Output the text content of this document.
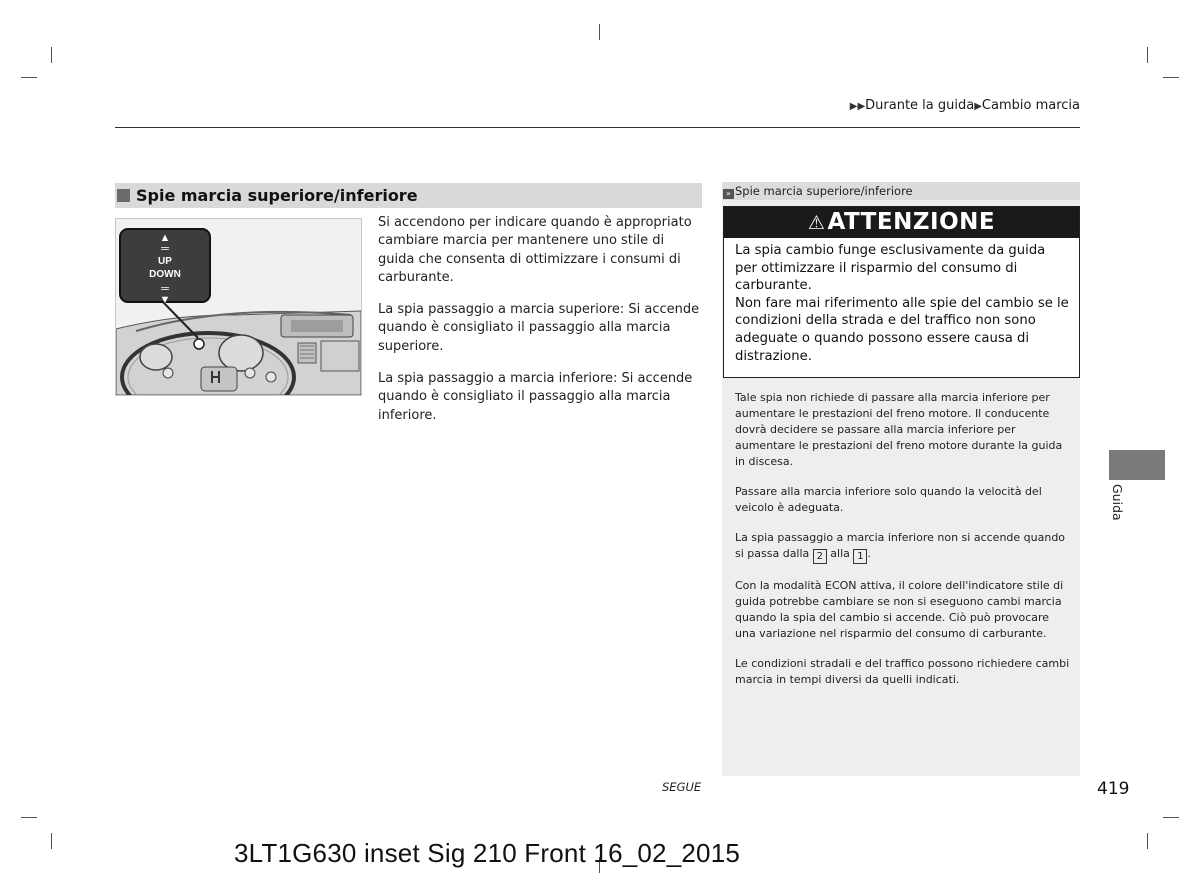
▶▶Durante la guida▶Cambio marcia
Spie marcia superiore/inferiore
▲
═
UP
DOWN
═
▼

Si accendono per indicare quando è appropriato cambiare marcia per mantenere uno stile di guida che consenta di ottimizzare i consumi di carburante.

La spia passaggio a marcia superiore: Si accende quando è consigliato il passaggio alla marcia superiore.

La spia passaggio a marcia inferiore: Si accende quando è consigliato il passaggio alla marcia inferiore.

» Spie marcia superiore/inferiore
⚠ATTENZIONE
La spia cambio funge esclusivamente da guida per ottimizzare il risparmio del consumo di carburante.
Non fare mai riferimento alle spie del cambio se le condizioni della strada e del traffico non sono adeguate o quando possono essere causa di distrazione.

Tale spia non richiede di passare alla marcia inferiore per aumentare le prestazioni del freno motore. Il conducente dovrà decidere se passare alla marcia inferiore per aumentare le prestazioni del freno motore durante la guida in discesa.

Passare alla marcia inferiore solo quando la velocità del veicolo è adeguata.

La spia passaggio a marcia inferiore non si accende quando si passa dalla 2 alla 1 .

Con la modalità ECON attiva, il colore dell'indicatore stile di guida potrebbe cambiare se non si eseguono cambi marcia quando la spia del cambio si accende. Ciò può provocare una variazione nel risparmio del consumo di carburante.

Le condizioni stradali e del traffico possono richiedere cambi marcia in tempi diversi da quelli indicati.

Guida
SEGUE	419
3LT1G630 inset Sig 210 Front 16_02_2015
